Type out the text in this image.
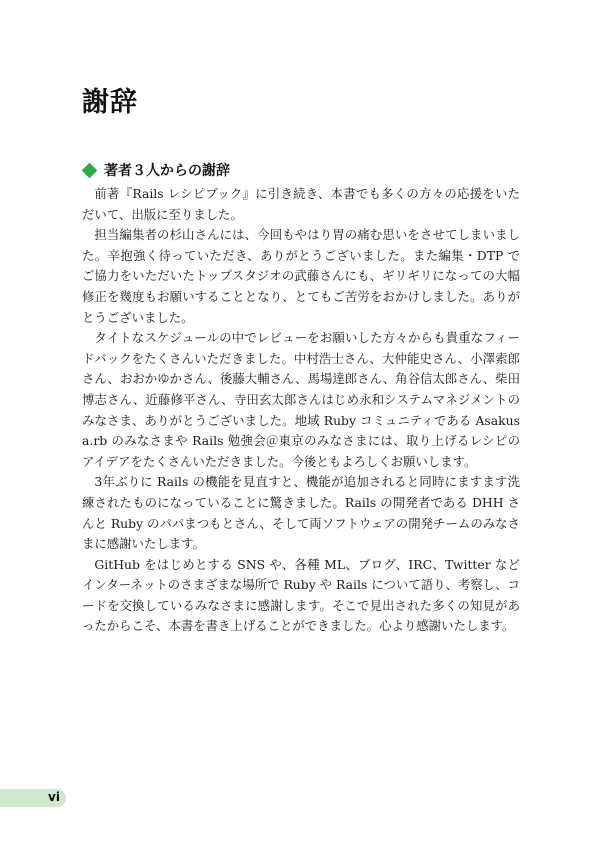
謝辞
著者３人からの謝辞

前著『Rails レシピブック』に引き続き、本書でも多くの方々の応援をいただいて、出版に至りました。

担当編集者の杉山さんには、今回もやはり胃の痛む思いをさせてしまいました。辛抱強く待っていただき、ありがとうございました。また編集・DTP でご協力をいただいたトップスタジオの武藤さんにも、ギリギリになっての大幅修正を幾度もお願いすることとなり、とてもご苦労をおかけしました。ありがとうございました。

タイトなスケジュールの中でレビューをお願いした方々からも貴重なフィードバックをたくさんいただきました。中村浩士さん、大仲能史さん、小澤索郎さん、おおかゆかさん、後藤大輔さん、馬場達郎さん、角谷信太郎さん、柴田博志さん、近藤修平さん、寺田玄太郎さんはじめ永和システムマネジメントのみなさま、ありがとうございました。地域 Ruby コミュニティである Asakusa.rb のみなさまや Rails 勉強会＠東京のみなさまには、取り上げるレシピのアイデアをたくさんいただきました。今後ともよろしくお願いします。

3年ぶりに Rails の機能を見直すと、機能が追加されると同時にますます洗練されたものになっていることに驚きました。Rails の開発者である DHH さんと Ruby のパパまつもとさん、そして両ソフトウェアの開発チームのみなさまに感謝いたします。

GitHub をはじめとする SNS や、各種 ML、ブログ、IRC、Twitter などインターネットのさまざまな場所で Ruby や Rails について語り、考察し、コードを交換しているみなさまに感謝します。そこで見出された多くの知見があったからこそ、本書を書き上げることができました。心より感謝いたします。

vi
